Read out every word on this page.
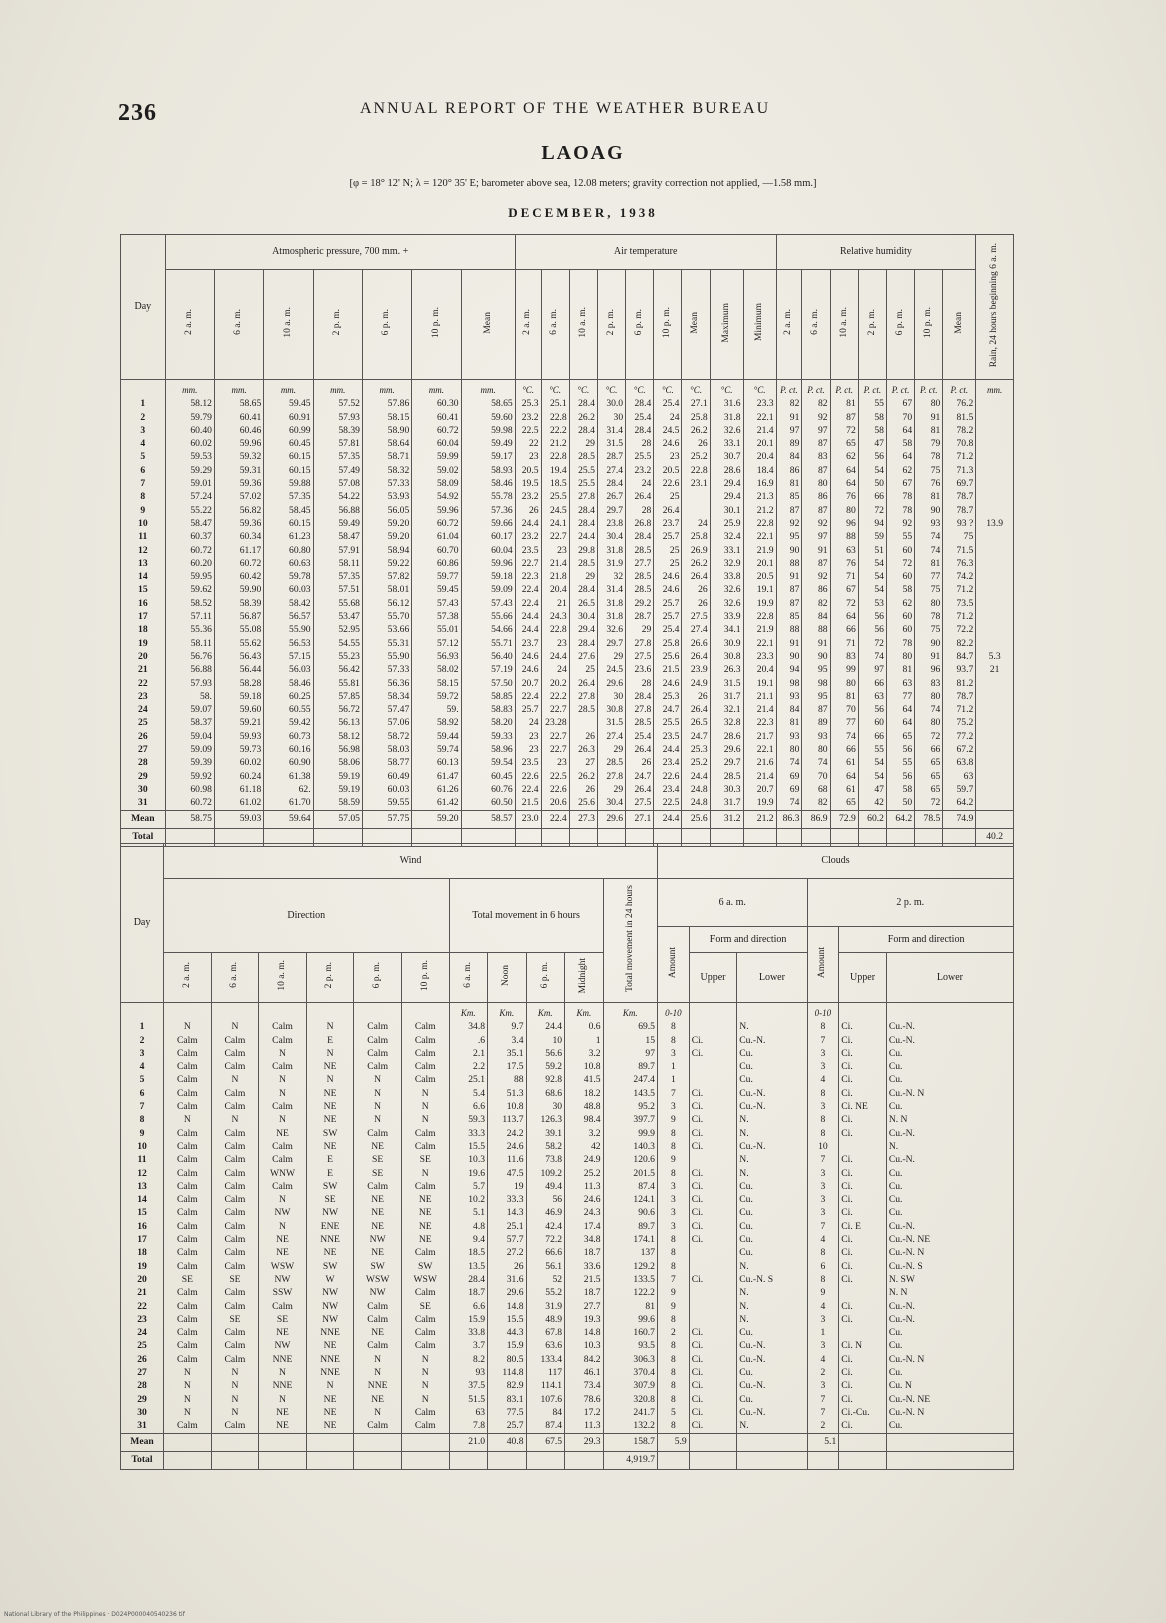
236	ANNUAL REPORT OF THE WEATHER BUREAU
LAOAG
[φ = 18° 12' N; λ = 120° 35' E; barometer above sea, 12.08 meters; gravity correction not applied, —1.58 mm.]
DECEMBER, 1938
Day	Atmospheric pressure, 700 mm. +							Air temperature									Relative humidity							Rain, 24 hours beginning 6 a. m.
	2 a. m.	6 a. m.	10 a. m.	2 p. m.	6 p. m.	10 p. m.	Mean	2 a. m.	6 a. m.	10 a. m.	2 p. m.	6 p. m.	10 p. m.	Mean	Maximum	Minimum	2 a. m.	6 a. m.	10 a. m.	2 p. m.	6 p. m.	10 p. m.	Mean	
	mm.	mm.	mm.	mm.	mm.	mm.	mm.	°C.	°C.	°C.	°C.	°C.	°C.	°C.	°C.	°C.	P. ct.	P. ct.	P. ct.	P. ct.	P. ct.	P. ct.	P. ct.	mm.
1	58.12	58.65	59.45	57.52	57.86	60.30	58.65	25.3	25.1	28.4	30.0	28.4	25.4	27.1	31.6	23.3	82	82	81	55	67	80	76.2	
2	59.79	60.41	60.91	57.93	58.15	60.41	59.60	23.2	22.8	26.2	30	25.4	24	25.8	31.8	22.1	91	92	87	58	70	91	81.5	
3	60.40	60.46	60.99	58.39	58.90	60.72	59.98	22.5	22.2	28.4	31.4	28.4	24.5	26.2	32.6	21.4	97	97	72	58	64	81	78.2	
4	60.02	59.96	60.45	57.81	58.64	60.04	59.49	22	21.2	29	31.5	28	24.6	26	33.1	20.1	89	87	65	47	58	79	70.8	
5	59.53	59.32	60.15	57.35	58.71	59.99	59.17	23	22.8	28.5	28.7	25.5	23	25.2	30.7	20.4	84	83	62	56	64	78	71.2	
6	59.29	59.31	60.15	57.49	58.32	59.02	58.93	20.5	19.4	25.5	27.4	23.2	20.5	22.8	28.6	18.4	86	87	64	54	62	75	71.3	
7	59.01	59.36	59.88	57.08	57.33	58.09	58.46	19.5	18.5	25.5	28.4	24	22.6	23.1	29.4	16.9	81	80	64	50	67	76	69.7	
8	57.24	57.02	57.35	54.22	53.93	54.92	55.78	23.2	25.5	27.8	26.7	26.4	25		29.4	21.3	85	86	76	66	78	81	78.7	
9	55.22	56.82	58.45	56.88	56.05	59.96	57.36	26	24.5	28.4	29.7	28	26.4		30.1	21.2	87	87	80	72	78	90	78.7	
10	58.47	59.36	60.15	59.49	59.20	60.72	59.66	24.4	24.1	28.4	23.8	26.8	23.7	24	25.9	22.8	92	92	96	94	92	93	93 ?	13.9
11	60.37	60.34	61.23	58.47	59.20	61.04	60.17	23.2	22.7	24.4	30.4	28.4	25.7	25.8	32.4	22.1	95	97	88	59	55	74	75	
12	60.72	61.17	60.80	57.91	58.94	60.70	60.04	23.5	23	29.8	31.8	28.5	25	26.9	33.1	21.9	90	91	63	51	60	74	71.5	
13	60.20	60.72	60.63	58.11	59.22	60.86	59.96	22.7	21.4	28.5	31.9	27.7	25	26.2	32.9	20.1	88	87	76	54	72	81	76.3	
14	59.95	60.42	59.78	57.35	57.82	59.77	59.18	22.3	21.8	29	32	28.5	24.6	26.4	33.8	20.5	91	92	71	54	60	77	74.2	
15	59.62	59.90	60.03	57.51	58.01	59.45	59.09	22.4	20.4	28.4	31.4	28.5	24.6	26	32.6	19.1	87	86	67	54	58	75	71.2	
16	58.52	58.39	58.42	55.68	56.12	57.43	57.43	22.4	21	26.5	31.8	29.2	25.7	26	32.6	19.9	87	82	72	53	62	80	73.5	
17	57.11	56.87	56.57	53.47	55.70	57.38	55.66	24.4	24.3	30.4	31.8	28.7	25.7	27.5	33.9	22.8	85	84	64	56	60	78	71.2	
18	55.36	55.08	55.90	52.95	53.66	55.01	54.66	24.4	22.8	29.4	32.6	29	25.4	27.4	34.1	21.9	88	88	66	56	60	75	72.2	
19	58.11	55.62	56.53	54.55	55.31	57.12	55.71	23.7	23	28.4	29.7	27.8	25.8	26.6	30.9	22.1	91	91	71	72	78	90	82.2	
20	56.76	56.43	57.15	55.23	55.90	56.93	56.40	24.6	24.4	27.6	29	27.5	25.6	26.4	30.8	23.3	90	90	83	74	80	91	84.7	5.3
21	56.88	56.44	56.03	56.42	57.33	58.02	57.19	24.6	24	25	24.5	23.6	21.5	23.9	26.3	20.4	94	95	99	97	81	96	93.7	21
22	57.93	58.28	58.46	55.81	56.36	58.15	57.50	20.7	20.2	26.4	29.6	28	24.6	24.9	31.5	19.1	98	98	80	66	63	83	81.2	
23	58.	59.18	60.25	57.85	58.34	59.72	58.85	22.4	22.2	27.8	30	28.4	25.3	26	31.7	21.1	93	95	81	63	77	80	78.7	
24	59.07	59.60	60.55	56.72	57.47	59.	58.83	25.7	22.7	28.5	30.8	27.8	24.7	26.4	32.1	21.4	84	87	70	56	64	74	71.2	
25	58.37	59.21	59.42	56.13	57.06	58.92	58.20	24	23.28		31.5	28.5	25.5	26.5	32.8	22.3	81	89	77	60	64	80	75.2	
26	59.04	59.93	60.73	58.12	58.72	59.44	59.33	23	22.7	26	27.4	25.4	23.5	24.7	28.6	21.7	93	93	74	66	65	72	77.2	
27	59.09	59.73	60.16	56.98	58.03	59.74	58.96	23	22.7	26.3	29	26.4	24.4	25.3	29.6	22.1	80	80	66	55	56	66	67.2	
28	59.39	60.02	60.90	58.06	58.77	60.13	59.54	23.5	23	27	28.5	26	23.4	25.2	29.7	21.6	74	74	61	54	55	65	63.8	
29	59.92	60.24	61.38	59.19	60.49	61.47	60.45	22.6	22.5	26.2	27.8	24.7	22.6	24.4	28.5	21.4	69	70	64	54	56	65	63	
30	60.98	61.18	62.	59.19	60.03	61.26	60.76	22.4	22.6	26	29	26.4	23.4	24.8	30.3	20.7	69	68	61	47	58	65	59.7	
31	60.72	61.02	61.70	58.59	59.55	61.42	60.50	21.5	20.6	25.6	30.4	27.5	22.5	24.8	31.7	19.9	74	82	65	42	50	72	64.2	
Mean	58.75	59.03	59.64	57.05	57.75	59.20	58.57	23.0	22.4	27.3	29.6	27.1	24.4	25.6	31.2	21.2	86.3	86.9	72.9	60.2	64.2	78.5	74.9	
Total																								40.2
Day	Wind											Clouds					
	Direction						Total movement in 6 hours				Total movement in 24 hours	6 a. m.			2 p. m.		
												Amount	Form and direction		Amount	Form and direction	
	2 a. m.	6 a. m.	10 a. m.	2 p. m.	6 p. m.	10 p. m.	6 a. m.	Noon	6 p. m.	Midnight			Upper	Lower		Upper	Lower
							Km.	Km.	Km.	Km.	Km.	0-10			0-10		
1	N	N	Calm	N	Calm	Calm	34.8	9.7	24.4	0.6	69.5	8		N.	8	Ci.	Cu.-N.
2	Calm	Calm	Calm	E	Calm	Calm	.6	3.4	10	1	15	8	Ci.	Cu.-N.	7	Ci.	Cu.-N.
3	Calm	Calm	N	N	Calm	Calm	2.1	35.1	56.6	3.2	97	3	Ci.	Cu.	3	Ci.	Cu.
4	Calm	Calm	Calm	NE	Calm	Calm	2.2	17.5	59.2	10.8	89.7	1		Cu.	3	Ci.	Cu.
5	Calm	N	N	N	N	Calm	25.1	88	92.8	41.5	247.4	1		Cu.	4	Ci.	Cu.
6	Calm	Calm	N	NE	N	N	5.4	51.3	68.6	18.2	143.5	7	Ci.	Cu.-N.	8	Ci.	Cu.-N. N
7	Calm	Calm	Calm	NE	N	N	6.6	10.8	30	48.8	95.2	3	Ci.	Cu.-N.	3	Ci. NE	Cu.
8	N	N	N	NE	N	N	59.3	113.7	126.3	98.4	397.7	9	Ci.	N.	8	Ci.	N. N
9	Calm	Calm	NE	SW	Calm	Calm	33.3	24.2	39.1	3.2	99.9	8	Ci.	N.	8	Ci.	Cu.-N.
10	Calm	Calm	Calm	NE	NE	Calm	15.5	24.6	58.2	42	140.3	8	Ci.	Cu.-N.	10		N.
11	Calm	Calm	Calm	E	SE	SE	10.3	11.6	73.8	24.9	120.6	9		N.	7	Ci.	Cu.-N.
12	Calm	Calm	WNW	E	SE	N	19.6	47.5	109.2	25.2	201.5	8	Ci.	N.	3	Ci.	Cu.
13	Calm	Calm	Calm	SW	Calm	Calm	5.7	19	49.4	11.3	87.4	3	Ci.	Cu.	3	Ci.	Cu.
14	Calm	Calm	N	SE	NE	NE	10.2	33.3	56	24.6	124.1	3	Ci.	Cu.	3	Ci.	Cu.
15	Calm	Calm	NW	NW	NE	NE	5.1	14.3	46.9	24.3	90.6	3	Ci.	Cu.	3	Ci.	Cu.
16	Calm	Calm	N	ENE	NE	NE	4.8	25.1	42.4	17.4	89.7	3	Ci.	Cu.	7	Ci. E	Cu.-N.
17	Calm	Calm	NE	NNE	NW	NE	9.4	57.7	72.2	34.8	174.1	8	Ci.	Cu.	4	Ci.	Cu.-N. NE
18	Calm	Calm	NE	NE	NE	Calm	18.5	27.2	66.6	18.7	137	8		Cu.	8	Ci.	Cu.-N. N
19	Calm	Calm	WSW	SW	SW	SW	13.5	26	56.1	33.6	129.2	8		N.	6	Ci.	Cu.-N. S
20	SE	SE	NW	W	WSW	WSW	28.4	31.6	52	21.5	133.5	7	Ci.	Cu.-N. S	8	Ci.	N. SW
21	Calm	Calm	SSW	NW	NW	Calm	18.7	29.6	55.2	18.7	122.2	9		N.	9		N. N
22	Calm	Calm	Calm	NW	Calm	SE	6.6	14.8	31.9	27.7	81	9		N.	4	Ci.	Cu.-N.
23	Calm	SE	SE	NW	Calm	Calm	15.9	15.5	48.9	19.3	99.6	8		N.	3	Ci.	Cu.-N.
24	Calm	Calm	NE	NNE	NE	Calm	33.8	44.3	67.8	14.8	160.7	2	Ci.	Cu.	1		Cu.
25	Calm	Calm	NW	NE	Calm	Calm	3.7	15.9	63.6	10.3	93.5	8	Ci.	Cu.-N.	3	Ci. N	Cu.
26	Calm	Calm	NNE	NNE	N	N	8.2	80.5	133.4	84.2	306.3	8	Ci.	Cu.-N.	4	Ci.	Cu.-N. N
27	N	N	N	NNE	N	N	93	114.8	117	46.1	370.4	8	Ci.	Cu.	2	Ci.	Cu.
28	N	N	NNE	N	NNE	N	37.5	82.9	114.1	73.4	307.9	8	Ci.	Cu.-N.	3	Ci.	Cu. N
29	N	N	N	NE	NE	N	51.5	83.1	107.6	78.6	320.8	8	Ci.	Cu.	7	Ci.	Cu.-N. NE
30	N	N	NE	NE	N	Calm	63	77.5	84	17.2	241.7	5	Ci.	Cu.-N.	7	Ci.-Cu.	Cu.-N. N
31	Calm	Calm	NE	NE	Calm	Calm	7.8	25.7	87.4	11.3	132.2	8	Ci.	N.	2	Ci.	Cu.
Mean							21.0	40.8	67.5	29.3	158.7	5.9			5.1		
Total											4,919.7						
National Library of the Philippines · D024P000040540236 tif
